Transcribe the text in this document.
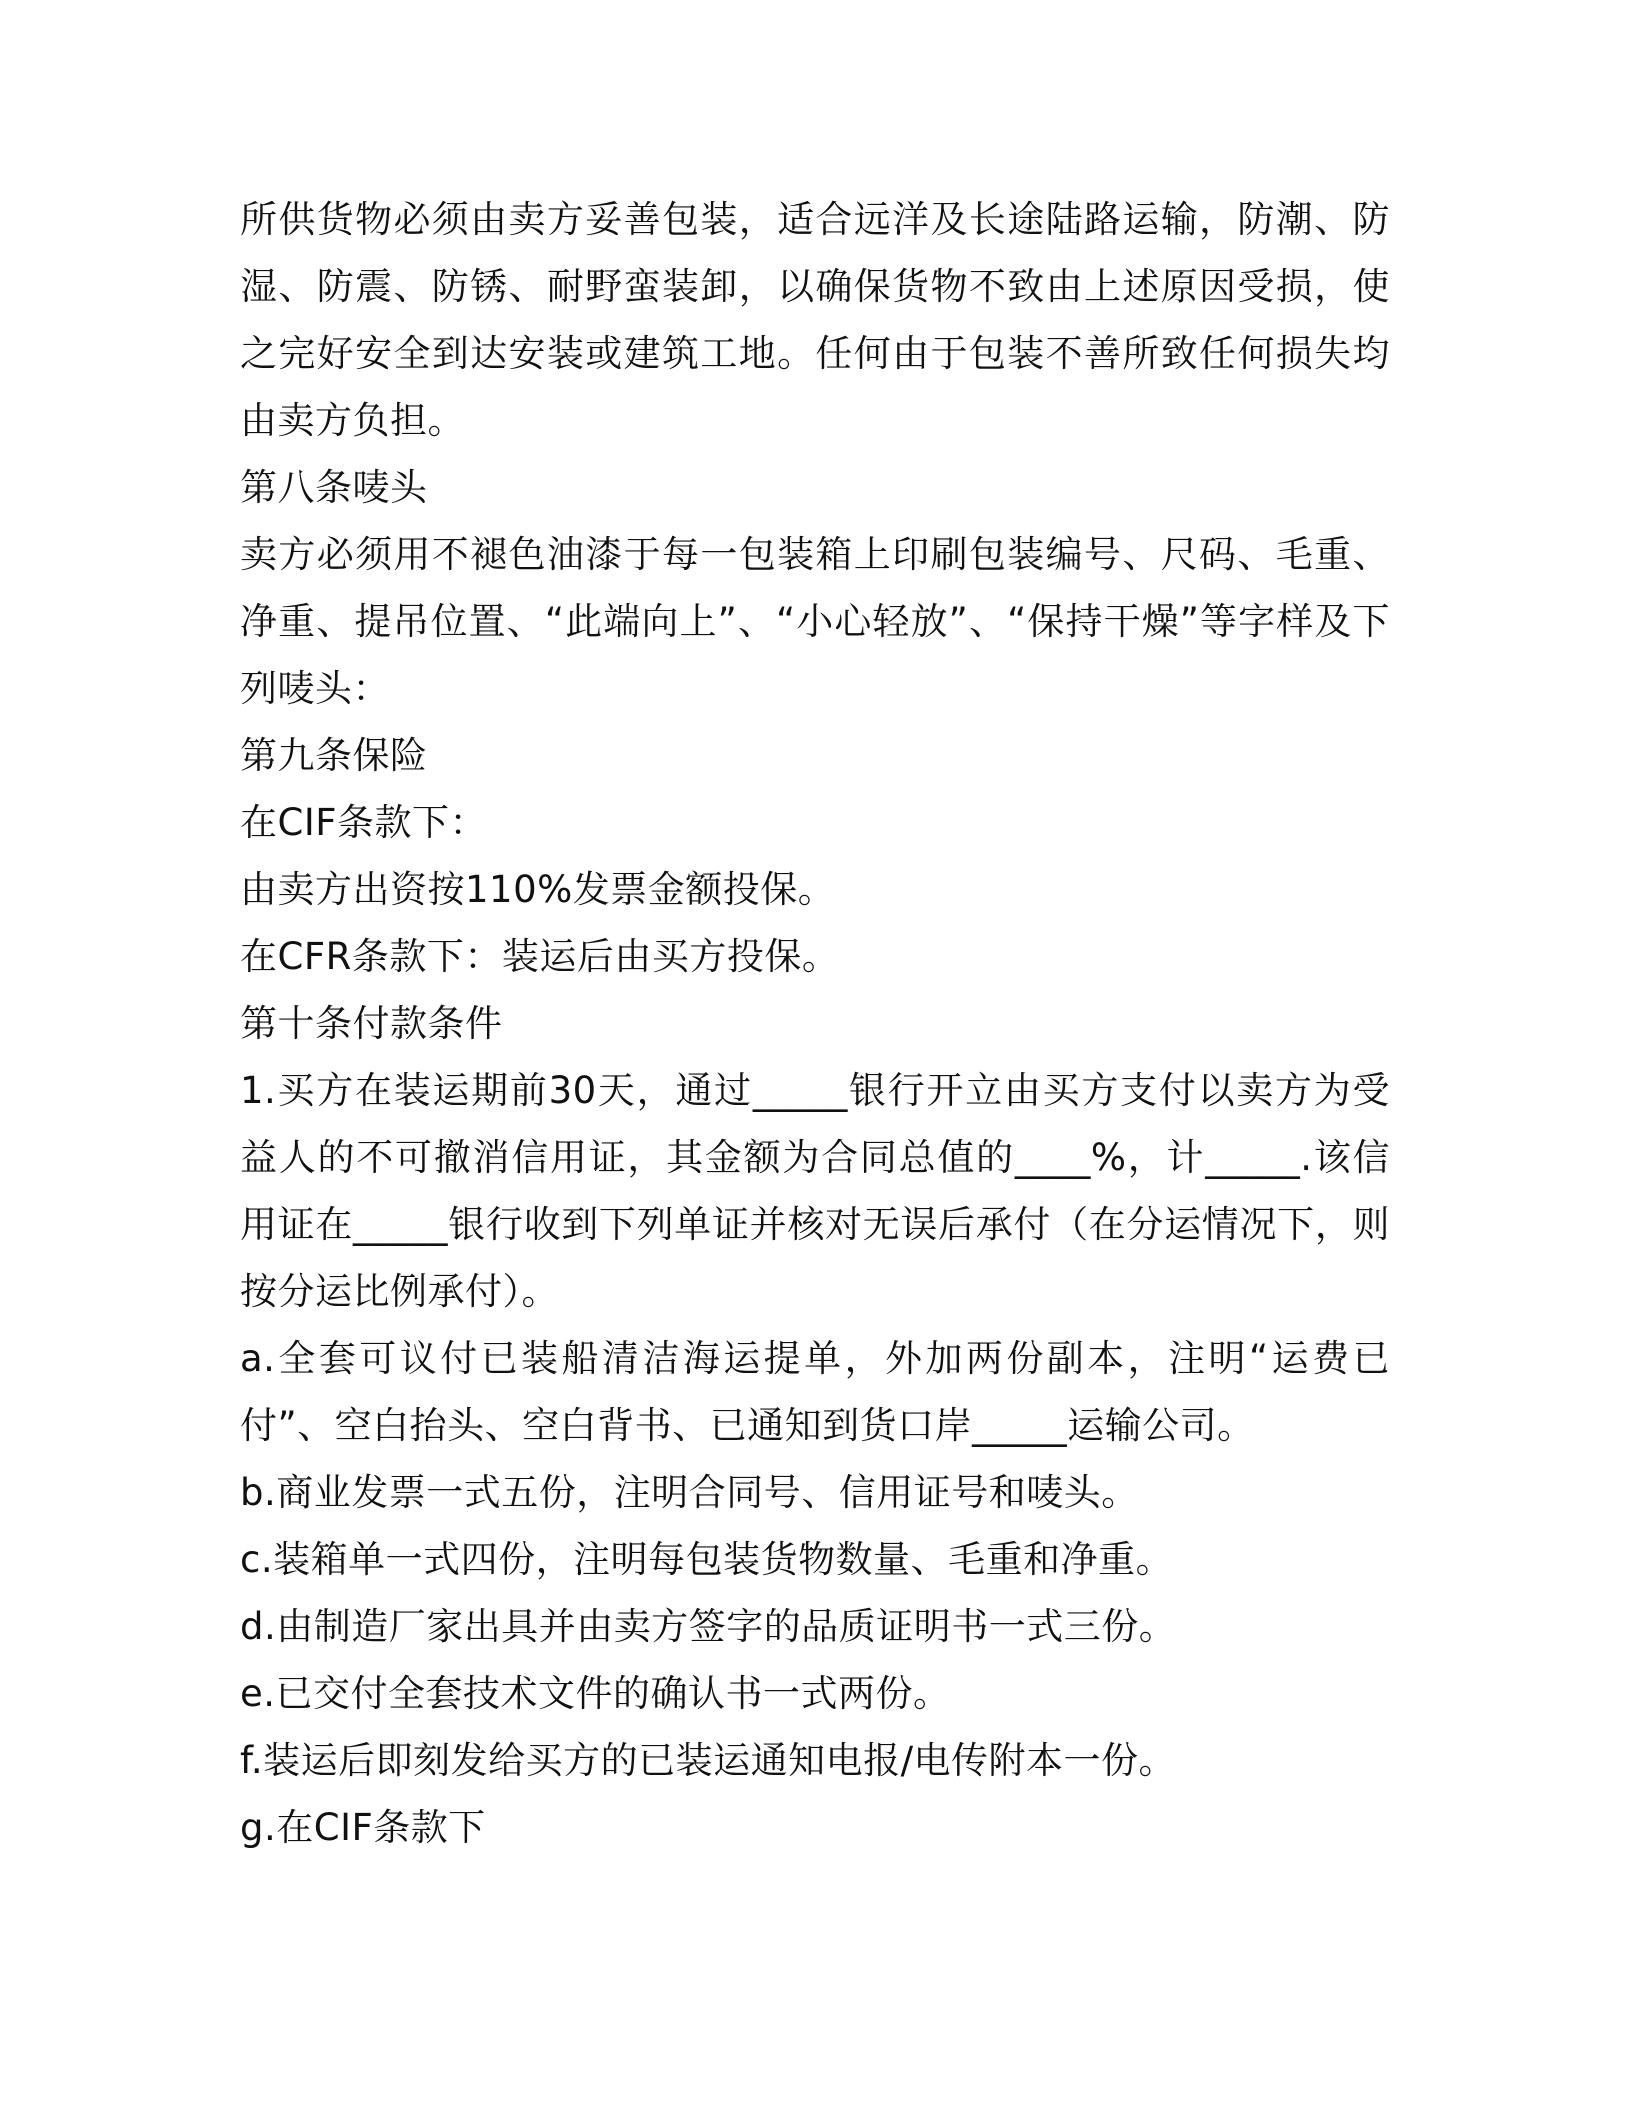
所供货物必须由卖方妥善包装，适合远洋及长途陆路运输，防潮、防湿、防震、防锈、耐野蛮装卸，以确保货物不致由上述原因受损，使之完好安全到达安装或建筑工地。任何由于包装不善所致任何损失均由卖方负担。

第八条唛头

卖方必须用不褪色油漆于每一包装箱上印刷包装编号、尺码、毛重、净重、提吊位置、“此端向上”、“小心轻放”、“保持干燥”等字样及下列唛头：

第九条保险

在CIF条款下：

由卖方出资按110%发票金额投保。

在CFR条款下：装运后由买方投保。

第十条付款条件

1.买方在装运期前30天，通过_____银行开立由买方支付以卖方为受益人的不可撤消信用证，其金额为合同总值的____%，计_____.该信用证在_____银行收到下列单证并核对无误后承付（在分运情况下，则按分运比例承付）。

a.全套可议付已装船清洁海运提单，外加两份副本，注明“运费已付”、空白抬头、空白背书、已通知到货口岸_____运输公司。

b.商业发票一式五份，注明合同号、信用证号和唛头。

c.装箱单一式四份，注明每包装货物数量、毛重和净重。

d.由制造厂家出具并由卖方签字的品质证明书一式三份。

e.已交付全套技术文件的确认书一式两份。

f.装运后即刻发给买方的已装运通知电报/电传附本一份。

g.在CIF条款下
